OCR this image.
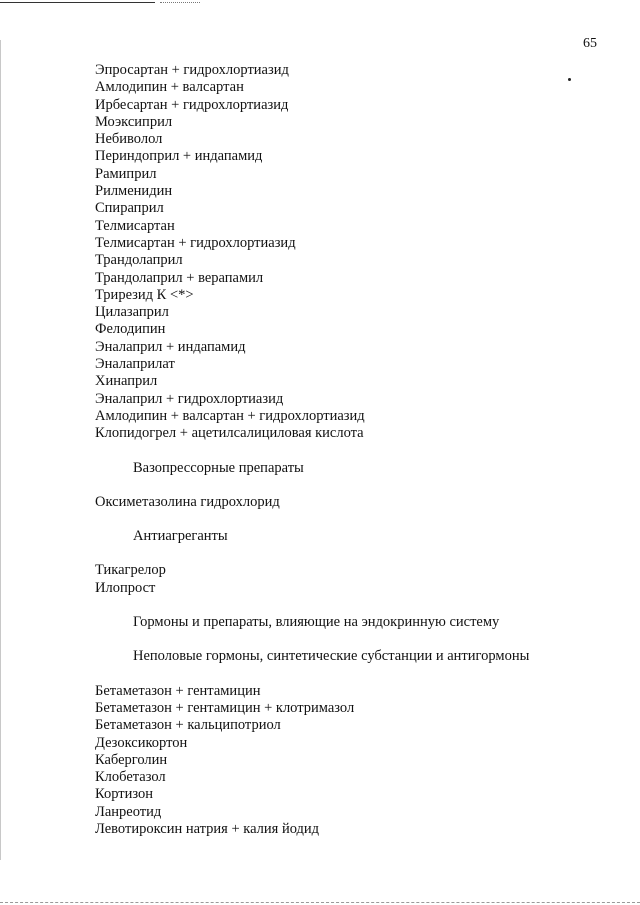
65
Эпросартан + гидрохлортиазид
Амлодипин + валсартан
Ирбесартан + гидрохлортиазид
Моэксиприл
Небиволол
Периндоприл + индапамид
Рамиприл
Рилменидин
Спираприл
Телмисартан
Телмисартан + гидрохлортиазид
Трандолаприл
Трандолаприл + верапамил
Трирезид К <*>
Цилазаприл
Фелодипин
Эналаприл + индапамид
Эналаприлат
Хинаприл
Эналаприл + гидрохлортиазид
Амлодипин + валсартан + гидрохлортиазид
Клопидогрел + ацетилсалициловая кислота
Вазопрессорные препараты
Оксиметазолина гидрохлорид
Антиагреганты
Тикагрелор
Илопрост
Гормоны и препараты, влияющие на эндокринную систему
Неполовые гормоны, синтетические субстанции и антигормоны
Бетаметазон + гентамицин
Бетаметазон + гентамицин + клотримазол
Бетаметазон + кальципотриол
Дезоксикортон
Каберголин
Клобетазол
Кортизон
Ланреотид
Левотироксин натрия + калия йодид
